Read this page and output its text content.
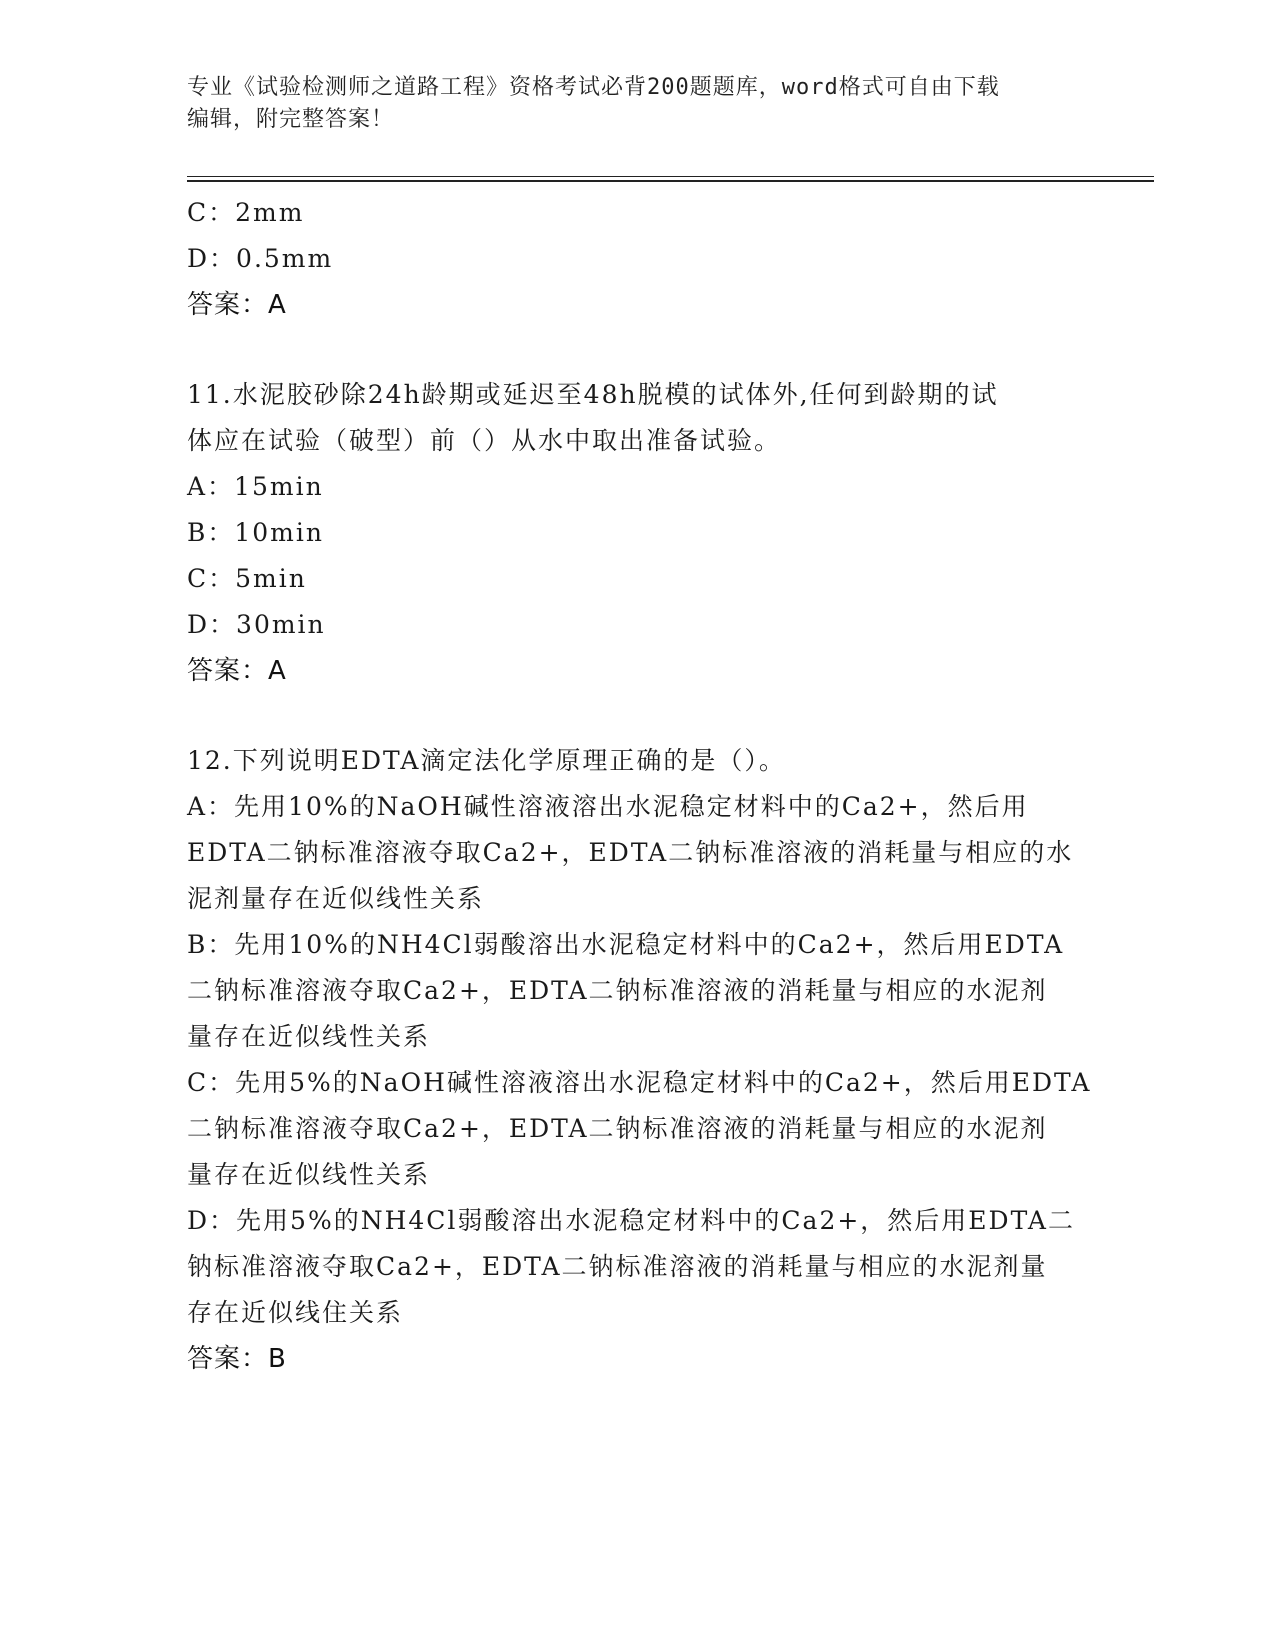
专业《试验检测师之道路工程》资格考试必背200题题库，word格式可自由下载
编辑，附完整答案！
C：2mm
D：0.5mm
答案：A
11.水泥胶砂除24h龄期或延迟至48h脱模的试体外,任何到龄期的试
体应在试验（破型）前（）从水中取出准备试验。
A：15min
B：10min
C：5min
D：30min
答案：A
12.下列说明EDTA滴定法化学原理正确的是（）。
A：先用10%的NaOH碱性溶液溶出水泥稳定材料中的Ca2+，然后用
EDTA二钠标准溶液夺取Ca2+，EDTA二钠标准溶液的消耗量与相应的水
泥剂量存在近似线性关系
B：先用10%的NH4Cl弱酸溶出水泥稳定材料中的Ca2+，然后用EDTA
二钠标准溶液夺取Ca2+，EDTA二钠标准溶液的消耗量与相应的水泥剂
量存在近似线性关系
C：先用5%的NaOH碱性溶液溶出水泥稳定材料中的Ca2+，然后用EDTA
二钠标准溶液夺取Ca2+，EDTA二钠标准溶液的消耗量与相应的水泥剂
量存在近似线性关系
D：先用5%的NH4Cl弱酸溶出水泥稳定材料中的Ca2+，然后用EDTA二
钠标准溶液夺取Ca2+，EDTA二钠标准溶液的消耗量与相应的水泥剂量
存在近似线住关系
答案：B
